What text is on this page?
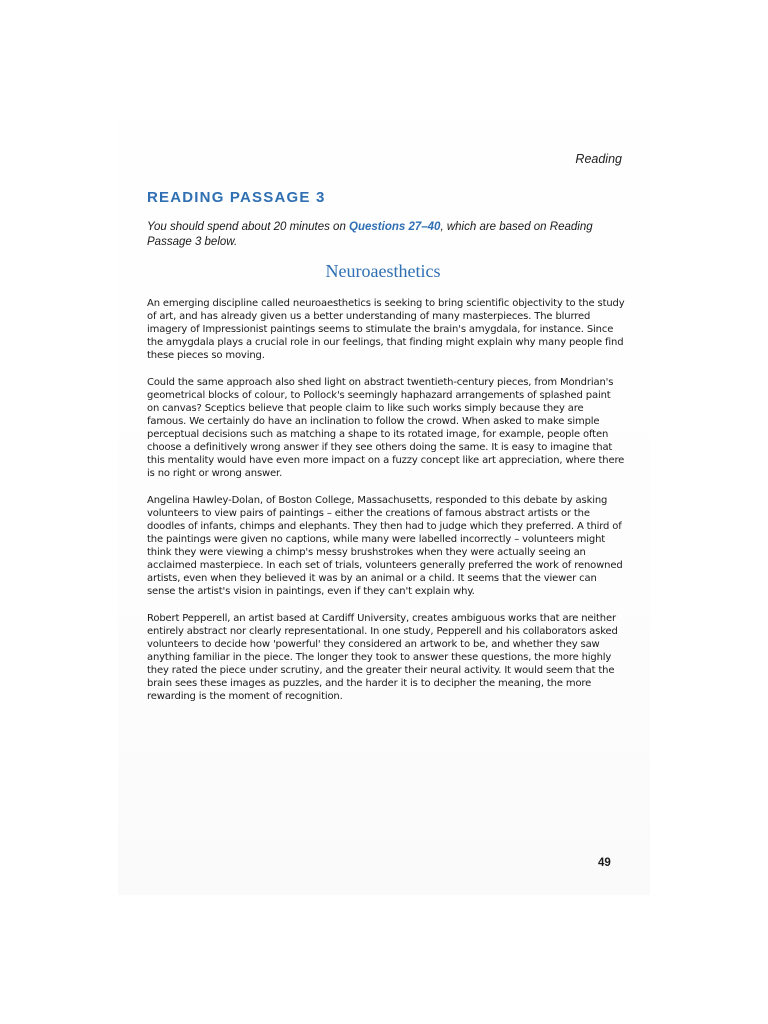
Reading
READING PASSAGE 3
You should spend about 20 minutes on Questions 27–40, which are based on Reading Passage 3 below.
Neuroaesthetics

An emerging discipline called neuroaesthetics is seeking to bring scientific objectivity to the study of art, and has already given us a better understanding of many masterpieces. The blurred imagery of Impressionist paintings seems to stimulate the brain's amygdala, for instance. Since the amygdala plays a crucial role in our feelings, that finding might explain why many people find these pieces so moving.

Could the same approach also shed light on abstract twentieth-century pieces, from Mondrian's geometrical blocks of colour, to Pollock's seemingly haphazard arrangements of splashed paint on canvas? Sceptics believe that people claim to like such works simply because they are famous. We certainly do have an inclination to follow the crowd. When asked to make simple perceptual decisions such as matching a shape to its rotated image, for example, people often choose a definitively wrong answer if they see others doing the same. It is easy to imagine that this mentality would have even more impact on a fuzzy concept like art appreciation, where there is no right or wrong answer.

Angelina Hawley-Dolan, of Boston College, Massachusetts, responded to this debate by asking volunteers to view pairs of paintings – either the creations of famous abstract artists or the doodles of infants, chimps and elephants. They then had to judge which they preferred. A third of the paintings were given no captions, while many were labelled incorrectly – volunteers might think they were viewing a chimp's messy brushstrokes when they were actually seeing an acclaimed masterpiece. In each set of trials, volunteers generally preferred the work of renowned artists, even when they believed it was by an animal or a child. It seems that the viewer can sense the artist's vision in paintings, even if they can't explain why.

Robert Pepperell, an artist based at Cardiff University, creates ambiguous works that are neither entirely abstract nor clearly representational. In one study, Pepperell and his collaborators asked volunteers to decide how 'powerful' they considered an artwork to be, and whether they saw anything familiar in the piece. The longer they took to answer these questions, the more highly they rated the piece under scrutiny, and the greater their neural activity. It would seem that the brain sees these images as puzzles, and the harder it is to decipher the meaning, the more rewarding is the moment of recognition.

49
